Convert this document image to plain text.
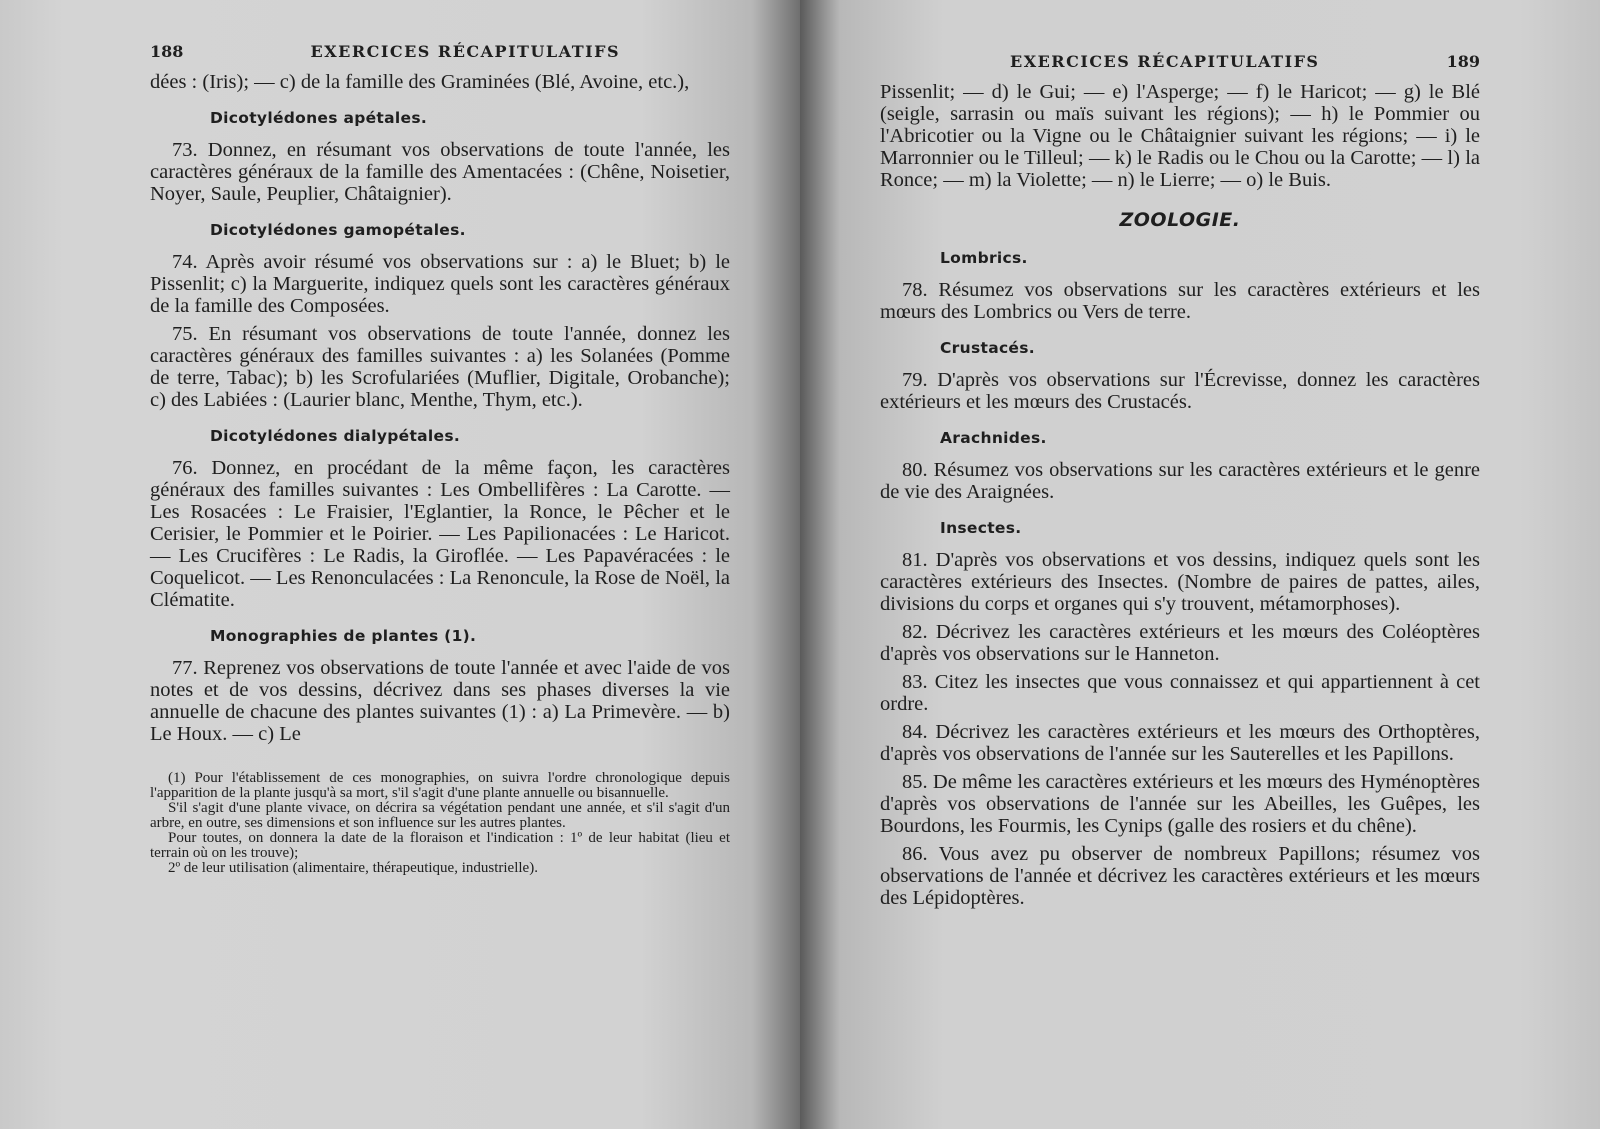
188	EXERCICES RÉCAPITULATIFS

dées : (Iris); — c) de la famille des Graminées (Blé, Avoine, etc.),

Dicotylédones apétales.

73. Donnez, en résumant vos observations de toute l'année, les caractères généraux de la famille des Amentacées : (Chêne, Noisetier, Noyer, Saule, Peuplier, Châtaignier).

Dicotylédones gamopétales.

74. Après avoir résumé vos observations sur : a) le Bluet; b) le Pissenlit; c) la Marguerite, indiquez quels sont les caractères généraux de la famille des Composées.

75. En résumant vos observations de toute l'année, donnez les caractères généraux des familles suivantes : a) les Solanées (Pomme de terre, Tabac); b) les Scrofulariées (Muflier, Digitale, Orobanche); c) des Labiées : (Laurier blanc, Menthe, Thym, etc.).

Dicotylédones dialypétales.

76. Donnez, en procédant de la même façon, les caractères généraux des familles suivantes : Les Ombellifères : La Carotte. — Les Rosacées : Le Fraisier, l'Eglantier, la Ronce, le Pêcher et le Cerisier, le Pommier et le Poirier. — Les Papilionacées : Le Haricot. — Les Crucifères : Le Radis, la Giroflée. — Les Papavéracées : le Coquelicot. — Les Renonculacées : La Renoncule, la Rose de Noël, la Clématite.

Monographies de plantes (1).

77. Reprenez vos observations de toute l'année et avec l'aide de vos notes et de vos dessins, décrivez dans ses phases diverses la vie annuelle de chacune des plantes suivantes (1) : a) La Primevère. — b) Le Houx. — c) Le

(1) Pour l'établissement de ces monographies, on suivra l'ordre chronologique depuis l'apparition de la plante jusqu'à sa mort, s'il s'agit d'une plante annuelle ou bisannuelle.

S'il s'agit d'une plante vivace, on décrira sa végétation pendant une année, et s'il s'agit d'un arbre, en outre, ses dimensions et son influence sur les autres plantes.

Pour toutes, on donnera la date de la floraison et l'indication : 1º de leur habitat (lieu et terrain où on les trouve);

2º de leur utilisation (alimentaire, thérapeutique, industrielle).

EXERCICES RÉCAPITULATIFS	189

Pissenlit; — d) le Gui; — e) l'Asperge; — f) le Haricot; — g) le Blé (seigle, sarrasin ou maïs suivant les régions); — h) le Pommier ou l'Abricotier ou la Vigne ou le Châtaignier suivant les régions; — i) le Marronnier ou le Tilleul; — k) le Radis ou le Chou ou la Carotte; — l) la Ronce; — m) la Violette; — n) le Lierre; — o) le Buis.

ZOOLOGIE.
Lombrics.

78. Résumez vos observations sur les caractères extérieurs et les mœurs des Lombrics ou Vers de terre.

Crustacés.

79. D'après vos observations sur l'Écrevisse, donnez les caractères extérieurs et les mœurs des Crustacés.

Arachnides.

80. Résumez vos observations sur les caractères extérieurs et le genre de vie des Araignées.

Insectes.

81. D'après vos observations et vos dessins, indiquez quels sont les caractères extérieurs des Insectes. (Nombre de paires de pattes, ailes, divisions du corps et organes qui s'y trouvent, métamorphoses).

82. Décrivez les caractères extérieurs et les mœurs des Coléoptères d'après vos observations sur le Hanneton.

83. Citez les insectes que vous connaissez et qui appartiennent à cet ordre.

84. Décrivez les caractères extérieurs et les mœurs des Orthoptères, d'après vos observations de l'année sur les Sauterelles et les Papillons.

85. De même les caractères extérieurs et les mœurs des Hyménoptères d'après vos observations de l'année sur les Abeilles, les Guêpes, les Bourdons, les Fourmis, les Cynips (galle des rosiers et du chêne).

86. Vous avez pu observer de nombreux Papillons; résumez vos observations de l'année et décrivez les caractères extérieurs et les mœurs des Lépidoptères.
